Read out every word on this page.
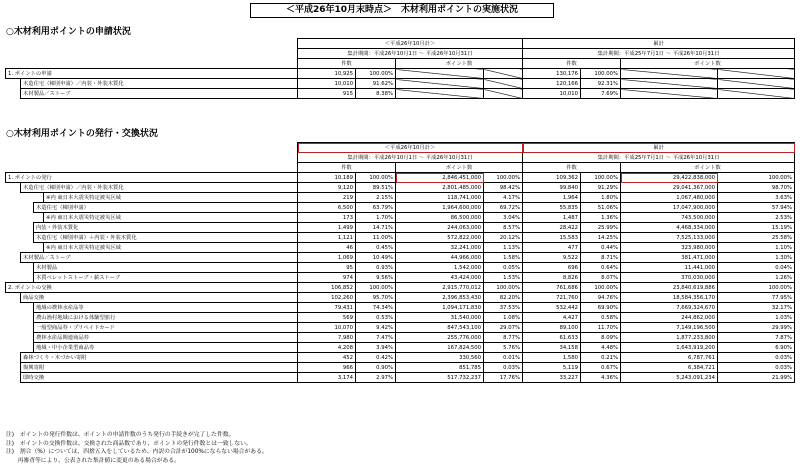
＜平成26年10月末時点＞　木材利用ポイントの実施状況
○木材利用ポイントの申請状況
		＜平成26年10月計＞				累計			
		集計期間：平成26年10月1日 ～ 平成26年10月31日				集計期間：平成25年7月1日 ～ 平成26年10月31日			
		件数		ポイント数		件数		ポイント数	
1. ポイントの申請		10,925	100.00%			130,176	100.00%		
	木造住宅（棟別申請）／内装・外装木質化	10,010	91.62%			120,166	92.31%		
	木材製品／ストーブ	915	8.38%			10,010	7.69%		
○木材利用ポイントの発行・交換状況
				＜平成26年10月計＞				累計			
				集計期間：平成26年10月1日 ～ 平成26年10月31日				集計期間：平成25年7月1日 ～ 平成26年10月31日			
				件数		ポイント数		件数		ポイント数	
1. ポイントの発行				10,189	100.00%	2,846,451,000	100.00%	109,362	100.00%	29,422,838,000	100.00%
	木造住宅（棟別申請）／内装・外装木質化			9,120	89.51%	2,801,485,000	98.42%	99,840	91.29%	29,041,367,000	98.70%
			※内 東日本大震災特定被災区域	219	2.15%	118,741,000	4.17%	1,964	1.80%	1,067,480,000	3.63%
		木造住宅（棟別申請）		6,500	63.79%	1,964,600,000	69.72%	55,835	51.06%	17,047,900,000	57.94%
			※内 東日本大震災特定被災区域	173	1.70%	86,500,000	3.04%	1,487	1.36%	743,500,000	2.53%
		内装・外装木質化		1,499	14.71%	244,063,000	8.57%	28,422	25.99%	4,468,334,000	15.19%
		木造住宅（棟別申請）＋内装・外装木質化		1,121	11.00%	572,822,000	20.12%	15,583	14.25%	7,525,133,000	25.58%
			※内 東日本大震災特定被災区域	46	0.45%	32,241,000	1.13%	477	0.44%	323,980,000	1.10%
	木材製品／ストーブ			1,069	10.49%	44,966,000	1.58%	9,522	8.71%	381,471,000	1.30%
		木材製品		95	0.93%	1,542,000	0.05%	696	0.64%	11,441,000	0.04%
		木質ペレットストーブ・薪ストーブ		974	9.56%	43,424,000	1.53%	8,826	8.07%	370,030,000	1.26%
2. ポイントの交換				106,852	100.00%	2,915,770,012	100.00%	761,686	100.00%	23,840,619,886	100.00%
	商品交換			102,260	95.70%	2,396,853,430	82.20%	721,760	94.76%	18,584,356,170	77.95%
		地域の農林水産品等		79,431	74.34%	1,094,171,830	37.53%	532,442	69.90%	7,669,324,670	32.17%
		農山漁村地域における体験型旅行		569	0.53%	31,540,000	1.08%	4,427	0.58%	244,862,000	1.03%
		一般型商品券・プリペイドカード		10,070	9.42%	847,543,100	29.07%	89,100	11.70%	7,149,196,500	29.99%
		農林水産品関連商品券		7,980	7.47%	255,776,000	8.77%	61,633	8.09%	1,877,233,800	7.87%
		地域・中小企業型商品券		4,208	3.94%	167,824,500	5.76%	34,158	4.48%	1,643,919,200	6.90%
	森林づくり・木づかい寄附			452	0.42%	330,560	0.01%	1,580	0.21%	6,787,761	0.03%
	復興寄附			966	0.90%	851,785	0.03%	5,119	0.67%	6,384,721	0.03%
	即時交換			3,174	2.97%	517,732,237	17.76%	33,227	4.36%	5,243,091,234	21.99%
注)　ポイントの発行件数は、ポイントの申請件数のうち発行の手続きが完了した件数。
注)　ポイントの交換件数は、交換された商品数であり、ポイントの発行件数とは一致しない。
注)　割合（%）については、四捨五入をしているため、内訳の合計が100%にならない場合がある。
　　再審査等により、公表された集計値に変更のある場合がある。
